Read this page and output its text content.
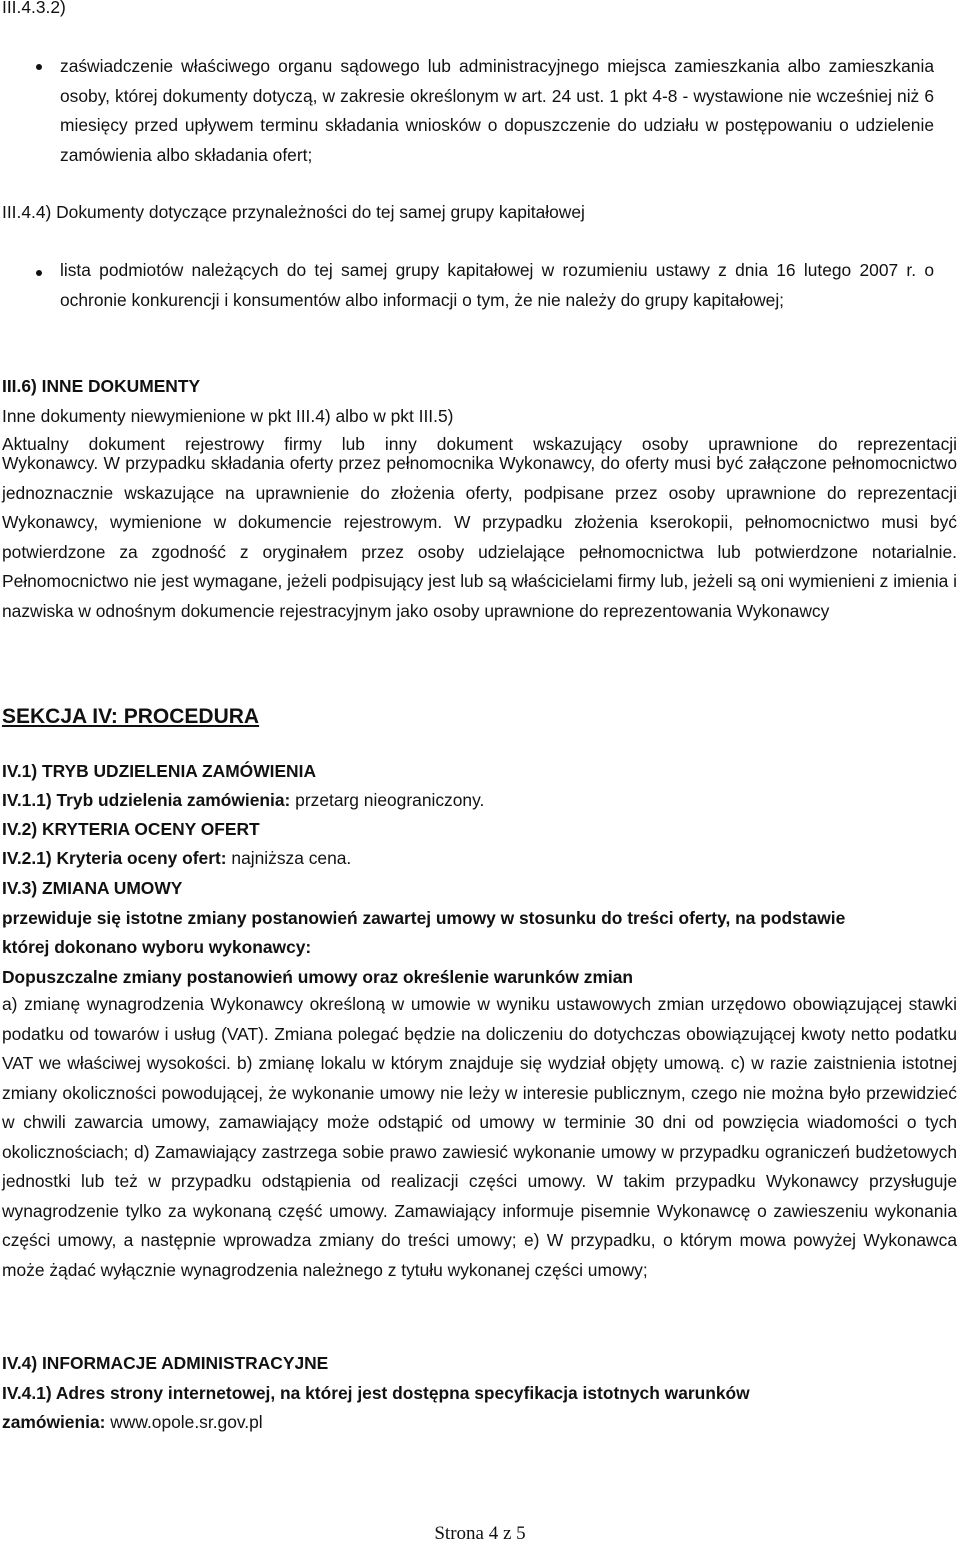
III.4.3.2)
zaświadczenie właściwego organu sądowego lub administracyjnego miejsca zamieszkania albo zamieszkania osoby, której dokumenty dotyczą, w zakresie określonym w art. 24 ust. 1 pkt 4-8 - wystawione nie wcześniej niż 6 miesięcy przed upływem terminu składania wniosków o dopuszczenie do udziału w postępowaniu o udzielenie zamówienia albo składania ofert;
III.4.4) Dokumenty dotyczące przynależności do tej samej grupy kapitałowej
lista podmiotów należących do tej samej grupy kapitałowej w rozumieniu ustawy z dnia 16 lutego 2007 r. o ochronie konkurencji i konsumentów albo informacji o tym, że nie należy do grupy kapitałowej;
III.6) INNE DOKUMENTY
Inne dokumenty niewymienione w pkt III.4) albo w pkt III.5)
Aktualny dokument rejestrowy firmy lub inny dokument wskazujący osoby uprawnione do reprezentacji
Wykonawcy. W przypadku składania oferty przez pełnomocnika Wykonawcy, do oferty musi być załączone pełnomocnictwo jednoznacznie wskazujące na uprawnienie do złożenia oferty, podpisane przez osoby uprawnione do reprezentacji Wykonawcy, wymienione w dokumencie rejestrowym. W przypadku złożenia kserokopii, pełnomocnictwo musi być potwierdzone za zgodność z oryginałem przez osoby udzielające pełnomocnictwa lub potwierdzone notarialnie. Pełnomocnictwo nie jest wymagane, jeżeli podpisujący jest lub są właścicielami firmy lub, jeżeli są oni wymienieni z imienia i nazwiska w odnośnym dokumencie rejestracyjnym jako osoby uprawnione do reprezentowania Wykonawcy
SEKCJA IV: PROCEDURA
IV.1) TRYB UDZIELENIA ZAMÓWIENIA
IV.1.1) Tryb udzielenia zamówienia: przetarg nieograniczony.
IV.2) KRYTERIA OCENY OFERT
IV.2.1) Kryteria oceny ofert: najniższa cena.
IV.3) ZMIANA UMOWY
przewiduje się istotne zmiany postanowień zawartej umowy w stosunku do treści oferty, na podstawie
której dokonano wyboru wykonawcy:
Dopuszczalne zmiany postanowień umowy oraz określenie warunków zmian
a) zmianę wynagrodzenia Wykonawcy określoną w umowie w wyniku ustawowych zmian urzędowo obowiązującej stawki podatku od towarów i usług (VAT). Zmiana polegać będzie na doliczeniu do dotychczas obowiązującej kwoty netto podatku VAT we właściwej wysokości. b) zmianę lokalu w którym znajduje się wydział objęty umową. c) w razie zaistnienia istotnej zmiany okoliczności powodującej, że wykonanie umowy nie leży w interesie publicznym, czego nie można było przewidzieć w chwili zawarcia umowy, zamawiający może odstąpić od umowy w terminie 30 dni od powzięcia wiadomości o tych okolicznościach; d) Zamawiający zastrzega sobie prawo zawiesić wykonanie umowy w przypadku ograniczeń budżetowych jednostki lub też w przypadku odstąpienia od realizacji części umowy. W takim przypadku Wykonawcy przysługuje wynagrodzenie tylko za wykonaną część umowy. Zamawiający informuje pisemnie Wykonawcę o zawieszeniu wykonania części umowy, a następnie wprowadza zmiany do treści umowy; e) W przypadku, o którym mowa powyżej Wykonawca może żądać wyłącznie wynagrodzenia należnego z tytułu wykonanej części umowy;
IV.4) INFORMACJE ADMINISTRACYJNE
IV.4.1) Adres strony internetowej, na której jest dostępna specyfikacja istotnych warunków
zamówienia: www.opole.sr.gov.pl
Strona 4 z 5
